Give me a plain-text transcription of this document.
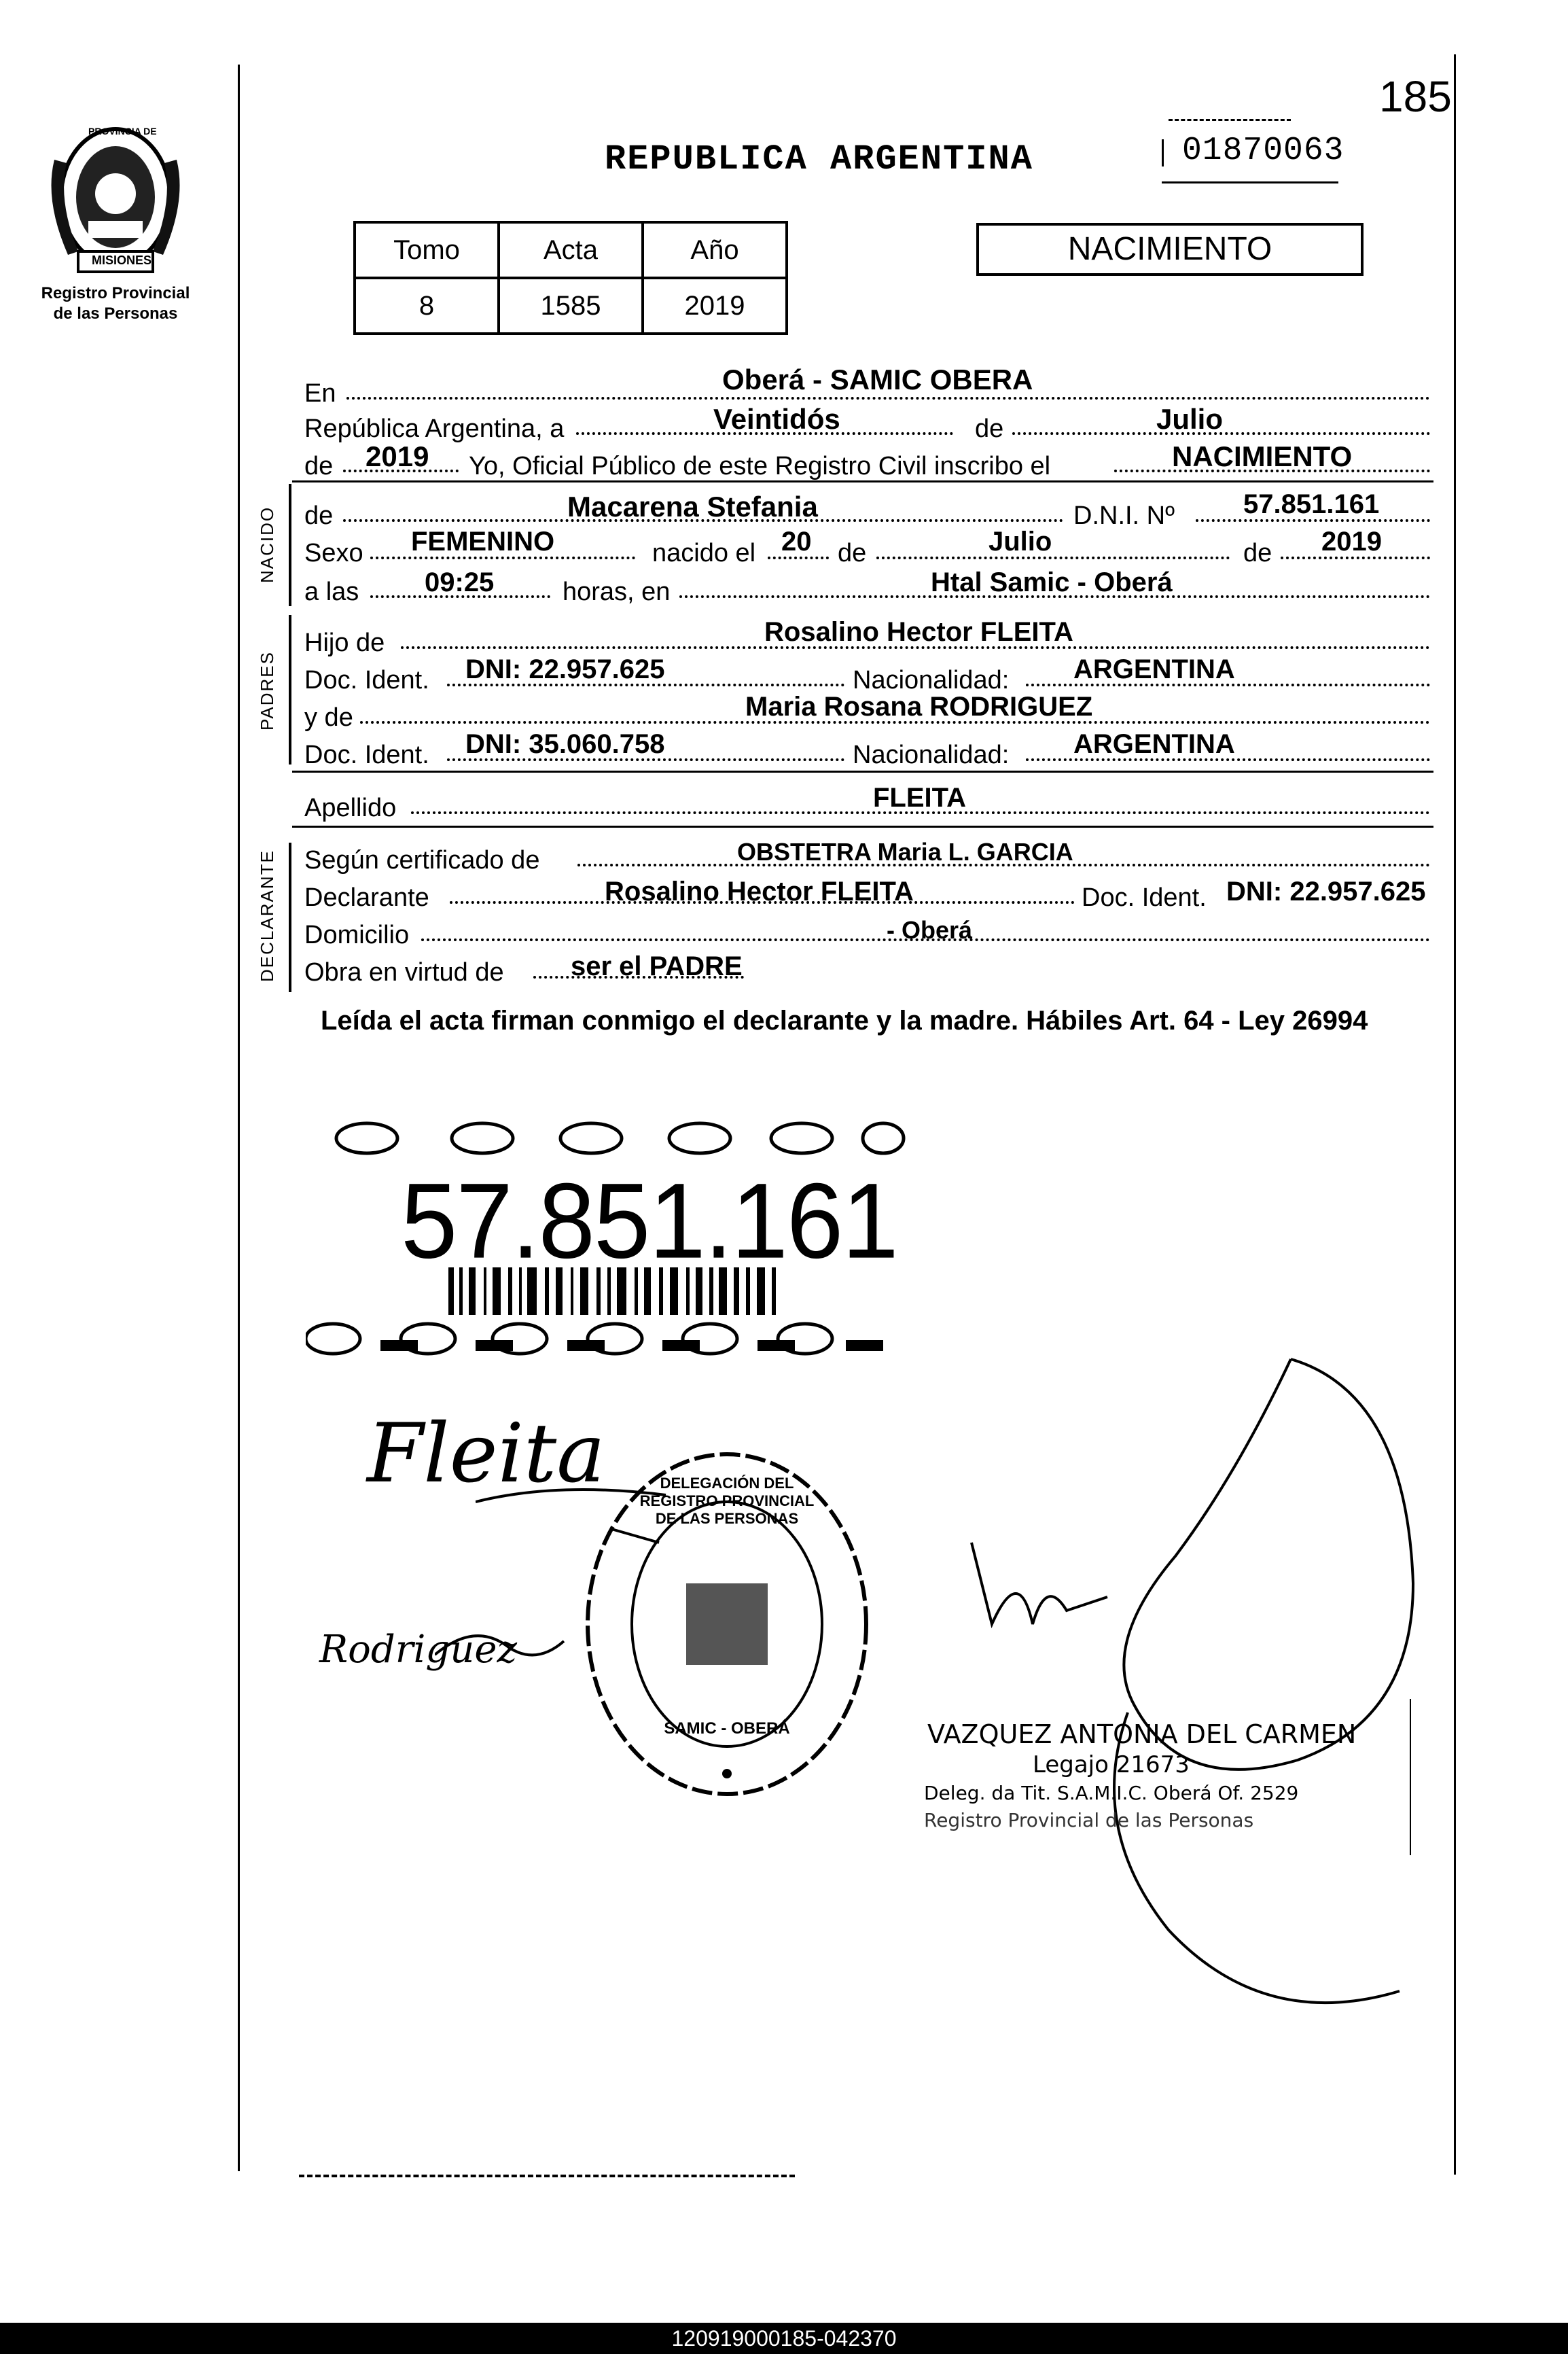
185
PROVINCIA DE
MISIONES
Registro Provincial
de las Personas
REPUBLICA ARGENTINA	01870063
Tomo	Acta	Año
8	1585	2019
NACIMIENTO
En	Oberá - SAMIC OBERA
República Argentina, a	Veintidós	de	Julio
de 2019 Yo, Oficial Público de este Registro Civil inscribo el	NACIMIENTO
NACIDO de	Macarena Stefania	D.N.I. Nº	57.851.161
Sexo FEMENINO	nacido el 20 de	Julio	de 2019
a las 09:25	horas, en	Htal Samic - Oberá
PADRES
Hijo de	Rosalino Hector FLEITA
Doc. Ident. DNI: 22.957.625	Nacionalidad: ARGENTINA
y de	Maria Rosana RODRIGUEZ
Doc. Ident. DNI: 35.060.758	Nacionalidad: ARGENTINA
Apellido	FLEITA
DECLARANTE Según certificado de	OBSTETRA Maria L. GARCIA
Declarante	Rosalino Hector FLEITA	Doc. Ident. DNI: 22.957.625
Domicilio	- Oberá
Obra en virtud de ser el PADRE
Leída el acta firman conmigo el declarante y la madre. Hábiles Art. 64 - Ley 26994
57.851.161
Fleita
Rodriguez
DELEGACIÓN DEL REGISTRO PROVINCIAL DE LAS PERSONAS
SAMIC - OBERÁ	VAZQUEZ ANTONIA DEL CARMEN
Legajo 21673
Deleg. da Tit. S.A.M.I.C. Oberá Of. 2529
Registro Provincial de las Personas
120919000185-042370
